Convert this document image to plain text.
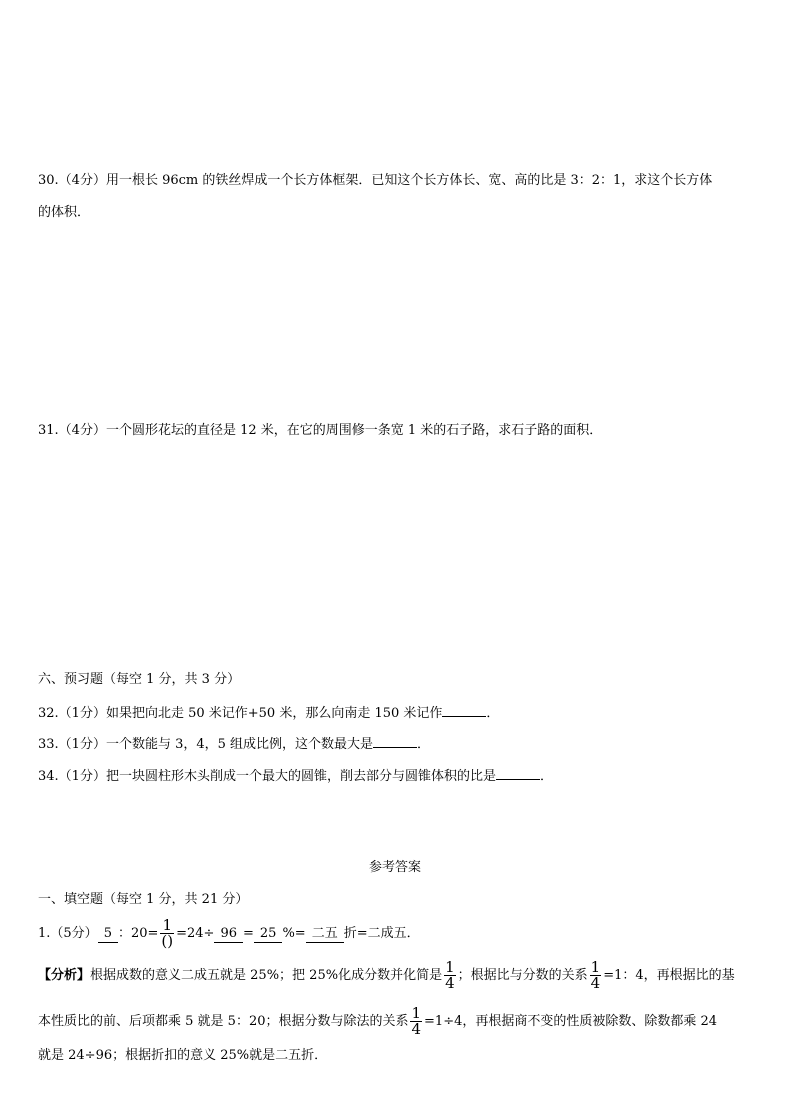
30.（4分）用一根长 96cm 的铁丝焊成一个长方体框架．已知这个长方体长、宽、高的比是 3：2：1，求这个长方体
的体积．
31.（4分）一个圆形花坛的直径是 12 米，在它的周围修一条宽 1 米的石子路，求石子路的面积．
六、预习题（每空 1 分，共 3 分）
32.（1分）如果把向北走 50 米记作+50 米，那么向南走 150 米记作	．
33.（1分）一个数能与 3，4，5 组成比例，这个数最大是	．
34.（1分）把一块圆柱形木头削成一个最大的圆锥，削去部分与圆锥体积的比是	．
参考答案
一、填空题（每空 1 分，共 21 分）
1.（5分） 5 ：$20= \frac{1}{()} =24\div 96 = 25$ %= 二五 折=二成五．
【分析】根据成数的意义二成五就是 25%；把 25%化成分数并化简是 $\frac{1}{4}$ ；根据比与分数的关系 $\frac{1}{4} =1$：4，再根据比的基
本性质比的前、后项都乘 5 就是 5：20；根据分数与除法的关系 $\frac{1}{4} =1\div 4$，再根据商不变的性质被除数、除数都乘 24
就是 24÷96；根据折扣的意义 25%就是二五折．
